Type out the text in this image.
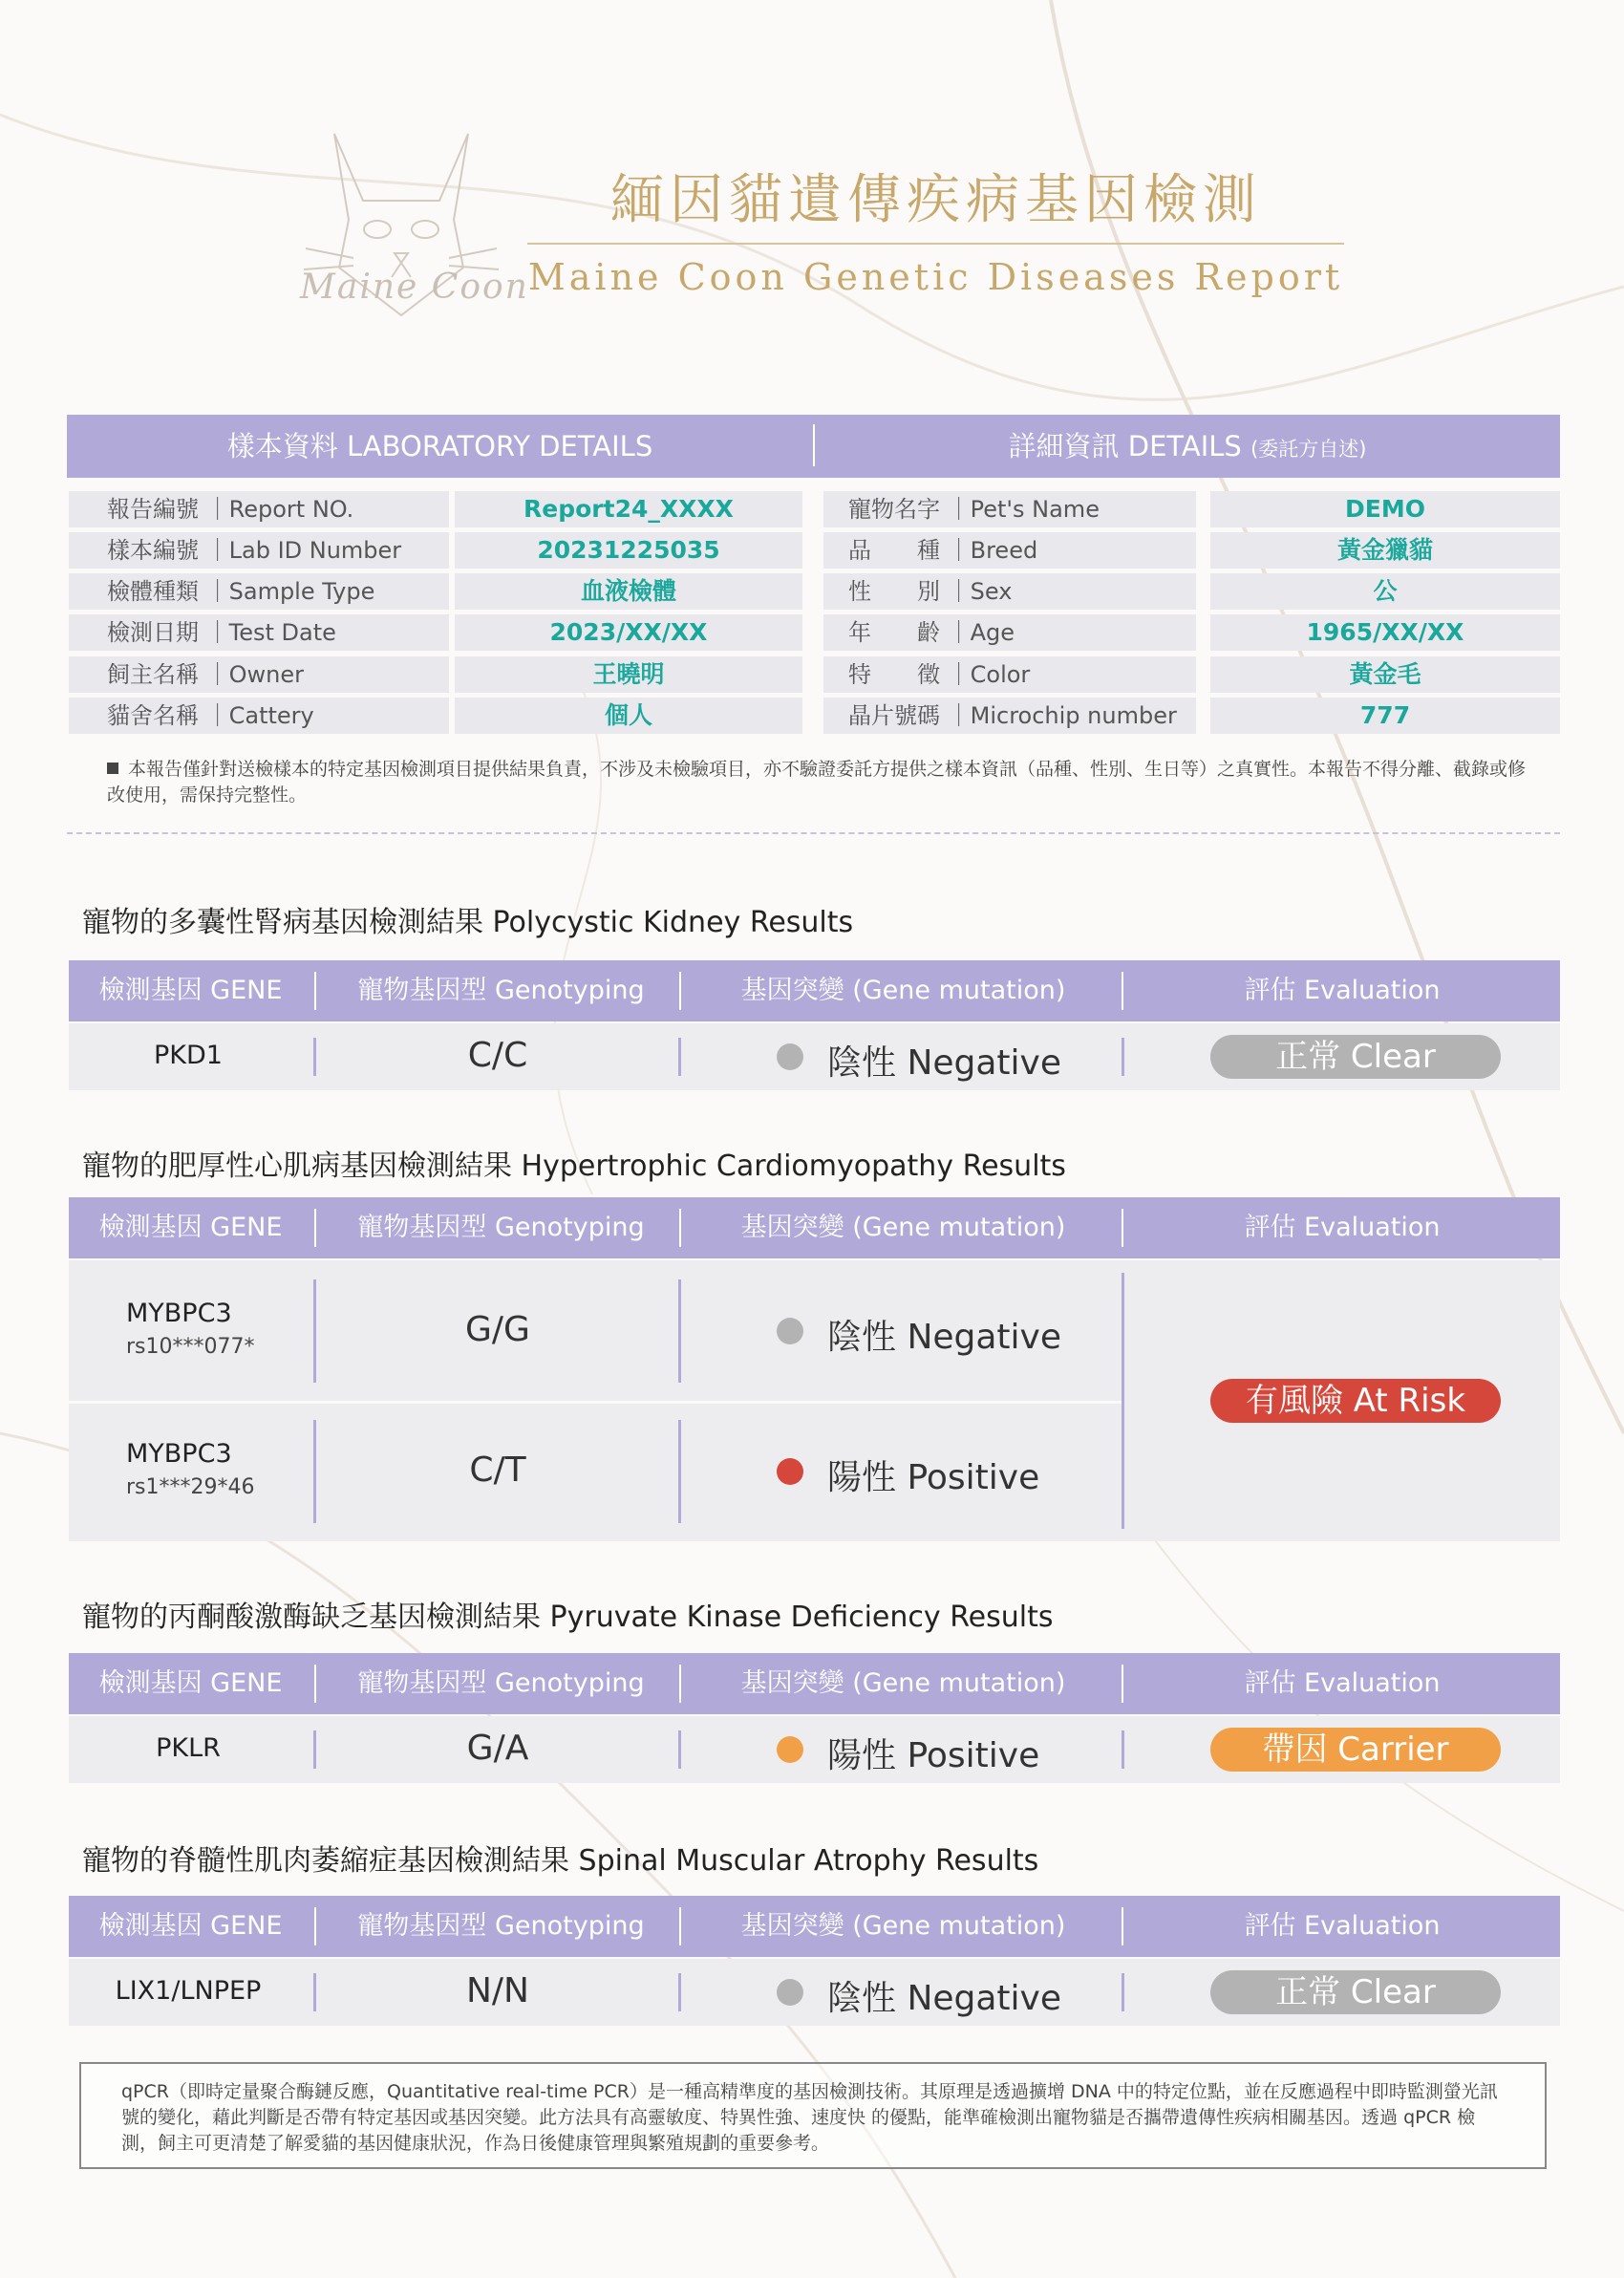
Maine Coon
緬因貓遺傳疾病基因檢測
Maine Coon Genetic Diseases Report
樣本資料 LABORATORY DETAILS	詳細資訊 DETAILS (委託方自述)
報告編號 ｜Report NO.	Report24_XXXX	寵物名字 ｜Pet's Name	DEMO
樣本編號 ｜Lab ID Number	20231225035	品　　種 ｜Breed	黃金獵貓
檢體種類 ｜Sample Type	血液檢體	性　　別 ｜Sex	公
檢測日期 ｜Test Date	2023/XX/XX	年　　齡 ｜Age	1965/XX/XX
飼主名稱 ｜Owner	王曉明	特　　徵 ｜Color	黃金毛
貓舍名稱 ｜Cattery	個人	晶片號碼 ｜Microchip number	777
本報告僅針對送檢樣本的特定基因檢測項目提供結果負責，不涉及未檢驗項目，亦不驗證委託方提供之樣本資訊（品種、性別、生日等）之真實性。本報告不得分離、截錄或修改使用，需保持完整性。
寵物的多囊性腎病基因檢測結果 Polycystic Kidney Results
檢測基因 GENE	寵物基因型 Genotyping	基因突變 (Gene mutation)	評估 Evaluation
PKD1	C/C	陰性 Negative	正常 Clear
寵物的肥厚性心肌病基因檢測結果 Hypertrophic Cardiomyopathy Results
檢測基因 GENE	寵物基因型 Genotyping	基因突變 (Gene mutation)	評估 Evaluation
MYBPC3
rs10***077*	G/G	陰性 Negative
MYBPC3
rs1***29*46	C/T	陽性 Positive
有風險 At Risk
寵物的丙酮酸激酶缺乏基因檢測結果 Pyruvate Kinase Deficiency Results
檢測基因 GENE	寵物基因型 Genotyping	基因突變 (Gene mutation)	評估 Evaluation
PKLR	G/A	陽性 Positive	帶因 Carrier
寵物的脊髓性肌肉萎縮症基因檢測結果 Spinal Muscular Atrophy Results
檢測基因 GENE	寵物基因型 Genotyping	基因突變 (Gene mutation)	評估 Evaluation
LIX1/LNPEP	N/N	陰性 Negative	正常 Clear
qPCR（即時定量聚合酶鏈反應，Quantitative real-time PCR）是一種高精準度的基因檢測技術。其原理是透過擴增 DNA 中的特定位點，並在反應過程中即時監測螢光訊號的變化，藉此判斷是否帶有特定基因或基因突變。此方法具有高靈敏度、特異性強、速度快 的優點，能準確檢測出寵物貓是否攜帶遺傳性疾病相關基因。透過 qPCR 檢測，飼主可更清楚了解愛貓的基因健康狀況，作為日後健康管理與繁殖規劃的重要參考。
